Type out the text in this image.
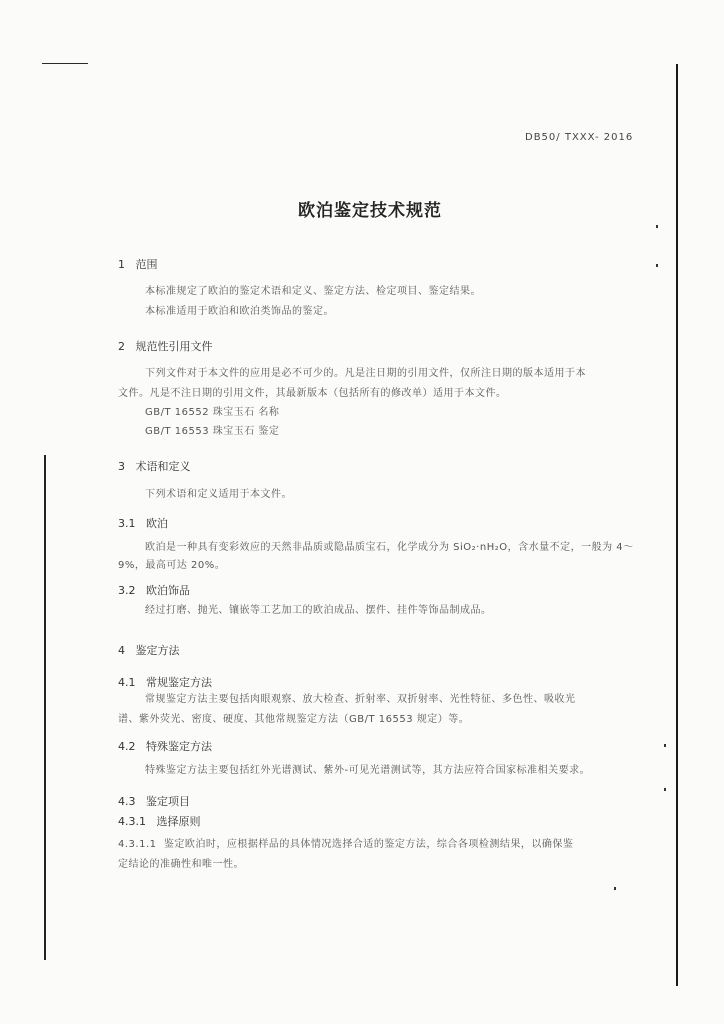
DB50/ TXXX- 2016
欧泊鉴定技术规范
1 范围
本标准规定了欧泊的鉴定术语和定义、鉴定方法、检定项目、鉴定结果。
本标准适用于欧泊和欧泊类饰品的鉴定。
2 规范性引用文件
下列文件对于本文件的应用是必不可少的。凡是注日期的引用文件，仅所注日期的版本适用于本
文件。凡是不注日期的引用文件，其最新版本（包括所有的修改单）适用于本文件。
GB/T 16552 珠宝玉石 名称
GB/T 16553 珠宝玉石 鉴定
3 术语和定义
下列术语和定义适用于本文件。
3.1 欧泊
欧泊是一种具有变彩效应的天然非晶质或隐晶质宝石，化学成分为 SiO₂·nH₂O，含水量不定，一般为 4～
9%，最高可达 20%。
3.2 欧泊饰品
经过打磨、抛光、镶嵌等工艺加工的欧泊成品、摆件、挂件等饰品制成品。
4 鉴定方法
4.1 常规鉴定方法
常规鉴定方法主要包括肉眼观察、放大检查、折射率、双折射率、光性特征、多色性、吸收光
谱、紫外荧光、密度、硬度、其他常规鉴定方法（GB/T 16553 规定）等。
4.2 特殊鉴定方法
特殊鉴定方法主要包括红外光谱测试、紫外-可见光谱测试等，其方法应符合国家标准相关要求。
4.3 鉴定项目
4.3.1 选择原则
4.3.1.1 鉴定欧泊时，应根据样品的具体情况选择合适的鉴定方法，综合各项检测结果，以确保鉴
定结论的准确性和唯一性。
